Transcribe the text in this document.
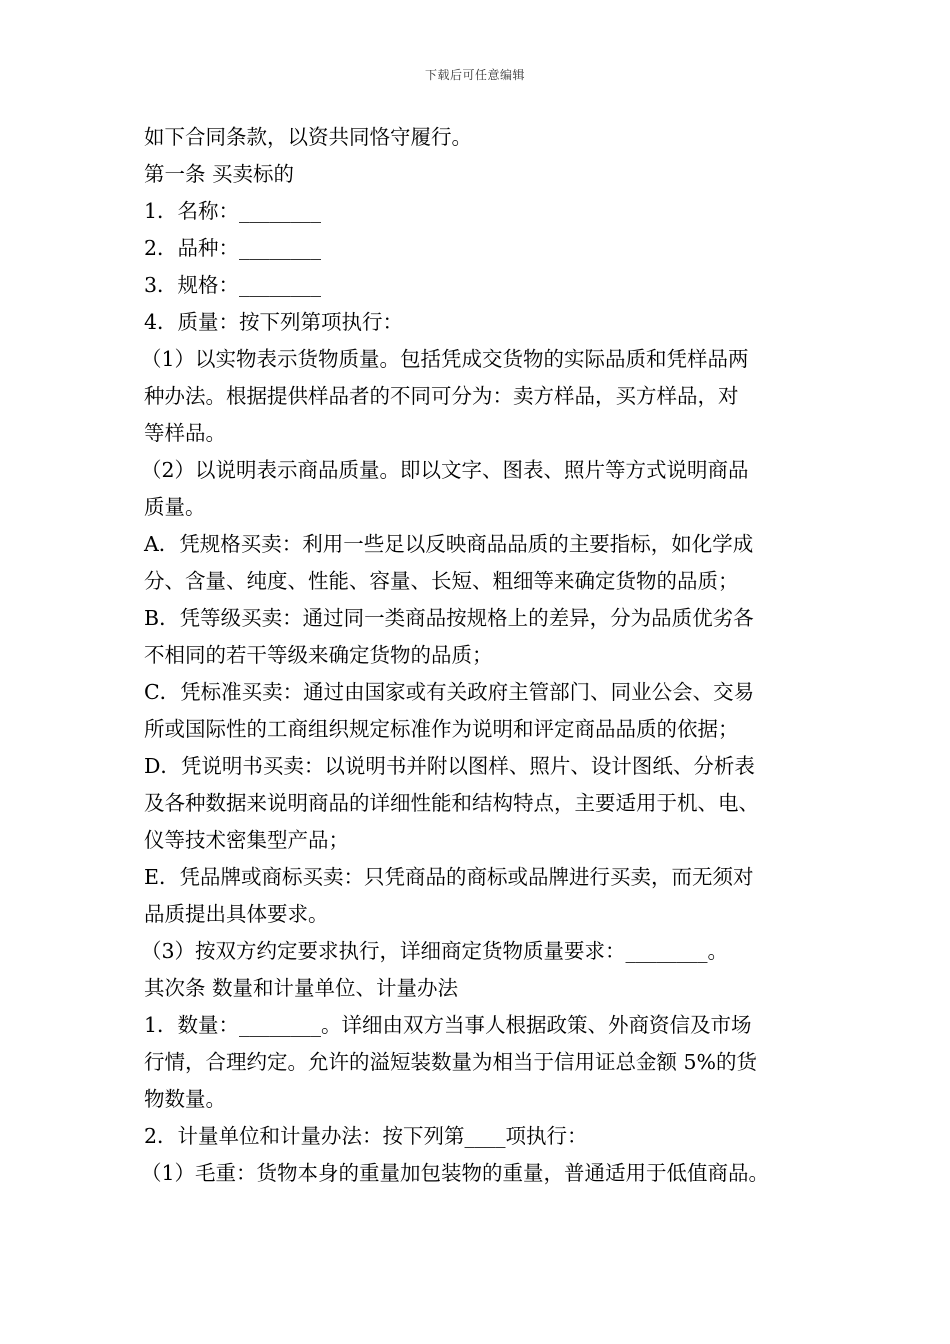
下载后可任意编辑
如下合同条款，以资共同恪守履行。
第一条 买卖标的
1．名称：________
2．品种：________
3．规格：________
4．质量：按下列第项执行：
（1）以实物表示货物质量。包括凭成交货物的实际品质和凭样品两
种办法。根据提供样品者的不同可分为：卖方样品，买方样品，对
等样品。
（2）以说明表示商品质量。即以文字、图表、照片等方式说明商品
质量。
A．凭规格买卖：利用一些足以反映商品品质的主要指标，如化学成
分、含量、纯度、性能、容量、长短、粗细等来确定货物的品质；
B．凭等级买卖：通过同一类商品按规格上的差异，分为品质优劣各
不相同的若干等级来确定货物的品质；
C．凭标准买卖：通过由国家或有关政府主管部门、同业公会、交易
所或国际性的工商组织规定标准作为说明和评定商品品质的依据；
D．凭说明书买卖：以说明书并附以图样、照片、设计图纸、分析表
及各种数据来说明商品的详细性能和结构特点，主要适用于机、电、
仪等技术密集型产品；
E．凭品牌或商标买卖：只凭商品的商标或品牌进行买卖，而无须对
品质提出具体要求。
（3）按双方约定要求执行，详细商定货物质量要求：________。
其次条 数量和计量单位、计量办法
1．数量：________。详细由双方当事人根据政策、外商资信及市场
行情，合理约定。允许的溢短装数量为相当于信用证总金额 5%的货
物数量。
2．计量单位和计量办法：按下列第____项执行：
（1）毛重：货物本身的重量加包装物的重量，普通适用于低值商品。
